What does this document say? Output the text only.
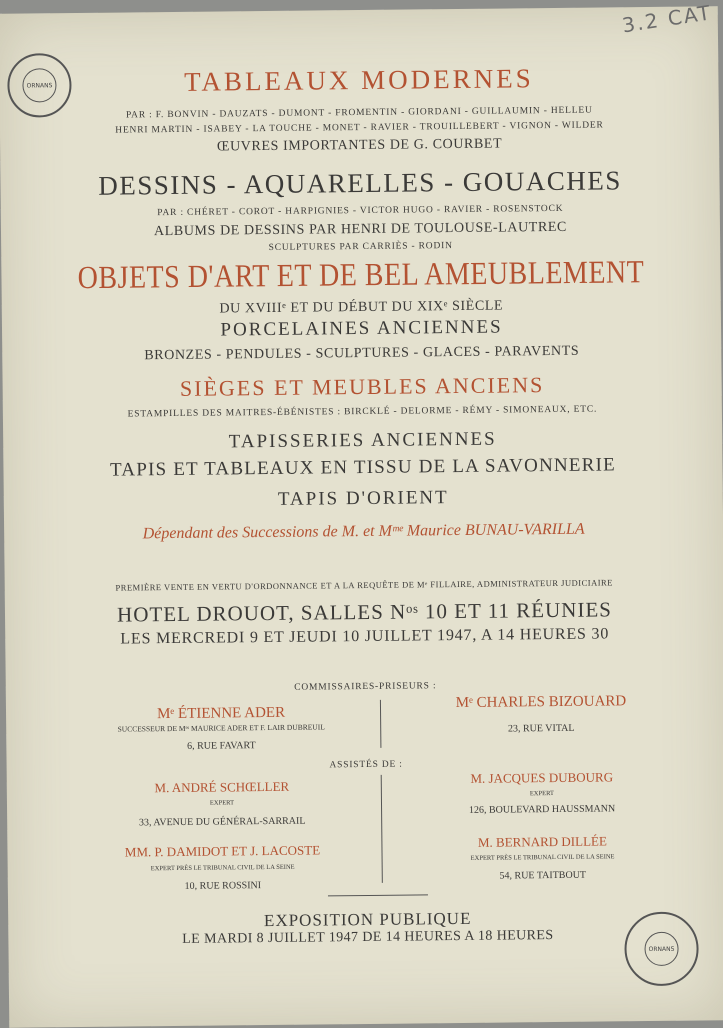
3.2 CAT
ORNANS
ORNANS
TABLEAUX MODERNES
PAR : F. BONVIN - DAUZATS - DUMONT - FROMENTIN - GIORDANI - GUILLAUMIN - HELLEU
HENRI MARTIN - ISABEY - LA TOUCHE - MONET - RAVIER - TROUILLEBERT - VIGNON - WILDER
ŒUVRES IMPORTANTES DE G. COURBET
DESSINS - AQUARELLES - GOUACHES
PAR : CHÉRET - COROT - HARPIGNIES - VICTOR HUGO - RAVIER - ROSENSTOCK
ALBUMS DE DESSINS PAR HENRI DE TOULOUSE-LAUTREC
SCULPTURES PAR CARRIÈS - RODIN
OBJETS D'ART ET DE BEL AMEUBLEMENT
DU XVIIIᵉ ET DU DÉBUT DU XIXᵉ SIÈCLE
PORCELAINES ANCIENNES
BRONZES - PENDULES - SCULPTURES - GLACES - PARAVENTS
SIÈGES ET MEUBLES ANCIENS
ESTAMPILLES DES MAITRES-ÉBÉNISTES : BIRCKLÉ - DELORME - RÉMY - SIMONEAUX, ETC.
TAPISSERIES ANCIENNES
TAPIS ET TABLEAUX EN TISSU DE LA SAVONNERIE
TAPIS D'ORIENT
Dépendant des Successions de M. et Mᵐᵉ Maurice BUNAU-VARILLA
PREMIÈRE VENTE EN VERTU D'ORDONNANCE ET A LA REQUÊTE DE Mᵉ FILLAIRE, ADMINISTRATEUR JUDICIAIRE
HOTEL DROUOT, SALLES Nᵒˢ 10 ET 11 RÉUNIES
LES MERCREDI 9 ET JEUDI 10 JUILLET 1947, A 14 HEURES 30
COMMISSAIRES-PRISEURS :
Mᵉ ÉTIENNE ADER
SUCCESSEUR DE Mᵉˢ MAURICE ADER ET F. LAIR DUBREUIL
6, RUE FAVART
Mᵉ CHARLES BIZOUARD
23, RUE VITAL
ASSISTÉS DE :
M. ANDRÉ SCHŒLLER
EXPERT
33, AVENUE DU GÉNÉRAL-SARRAIL
M. JACQUES DUBOURG
EXPERT
126, BOULEVARD HAUSSMANN
MM. P. DAMIDOT ET J. LACOSTE
EXPERT PRÈS LE TRIBUNAL CIVIL DE LA SEINE
10, RUE ROSSINI
M. BERNARD DILLÉE
EXPERT PRÈS LE TRIBUNAL CIVIL DE LA SEINE
54, RUE TAITBOUT
EXPOSITION PUBLIQUE
LE MARDI 8 JUILLET 1947 DE 14 HEURES A 18 HEURES
